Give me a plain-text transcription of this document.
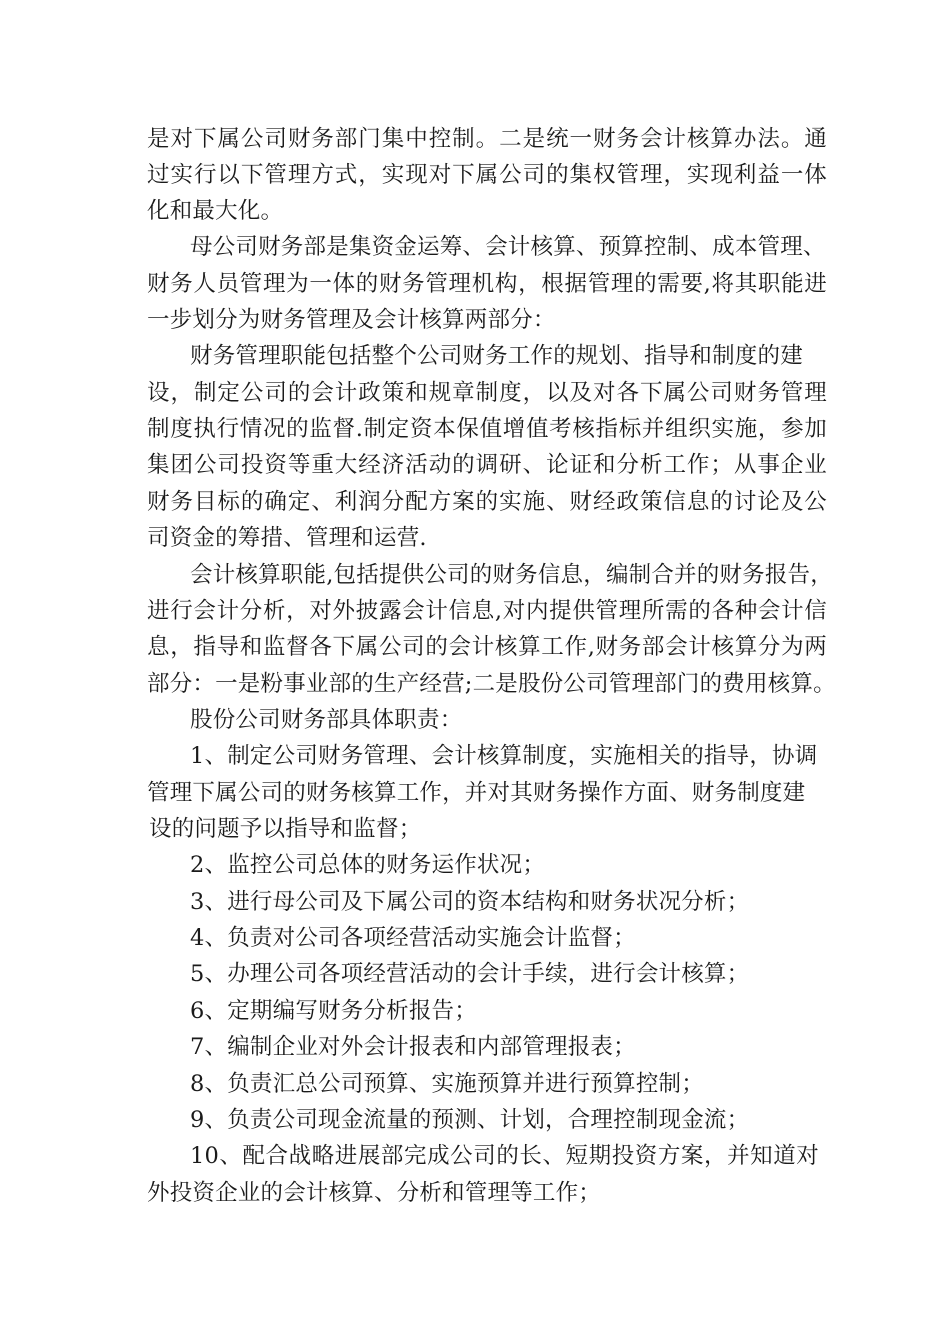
是对下属公司财务部门集中控制。二是统一财务会计核算办法。通
过实行以下管理方式，实现对下属公司的集权管理，实现利益一体
化和最大化。
母公司财务部是集资金运筹、会计核算、预算控制、成本管理、
财务人员管理为一体的财务管理机构，根据管理的需要,将其职能进
一步划分为财务管理及会计核算两部分：
财务管理职能包括整个公司财务工作的规划、指导和制度的建
设，制定公司的会计政策和规章制度，以及对各下属公司财务管理
制度执行情况的监督.制定资本保值增值考核指标并组织实施，参加
集团公司投资等重大经济活动的调研、论证和分析工作；从事企业
财务目标的确定、利润分配方案的实施、财经政策信息的讨论及公
司资金的筹措、管理和运营.
会计核算职能,包括提供公司的财务信息，编制合并的财务报告，
进行会计分析，对外披露会计信息,对内提供管理所需的各种会计信
息，指导和监督各下属公司的会计核算工作,财务部会计核算分为两
部分：一是粉事业部的生产经营;二是股份公司管理部门的费用核算。
股份公司财务部具体职责：
1、制定公司财务管理、会计核算制度，实施相关的指导，协调
管理下属公司的财务核算工作，并对其财务操作方面、财务制度建
设的问题予以指导和监督；
2、监控公司总体的财务运作状况；
3、进行母公司及下属公司的资本结构和财务状况分析；
4、负责对公司各项经营活动实施会计监督；
5、办理公司各项经营活动的会计手续，进行会计核算；
6、定期编写财务分析报告；
7、编制企业对外会计报表和内部管理报表；
8、负责汇总公司预算、实施预算并进行预算控制；
9、负责公司现金流量的预测、计划，合理控制现金流；
10、配合战略进展部完成公司的长、短期投资方案，并知道对
外投资企业的会计核算、分析和管理等工作；
